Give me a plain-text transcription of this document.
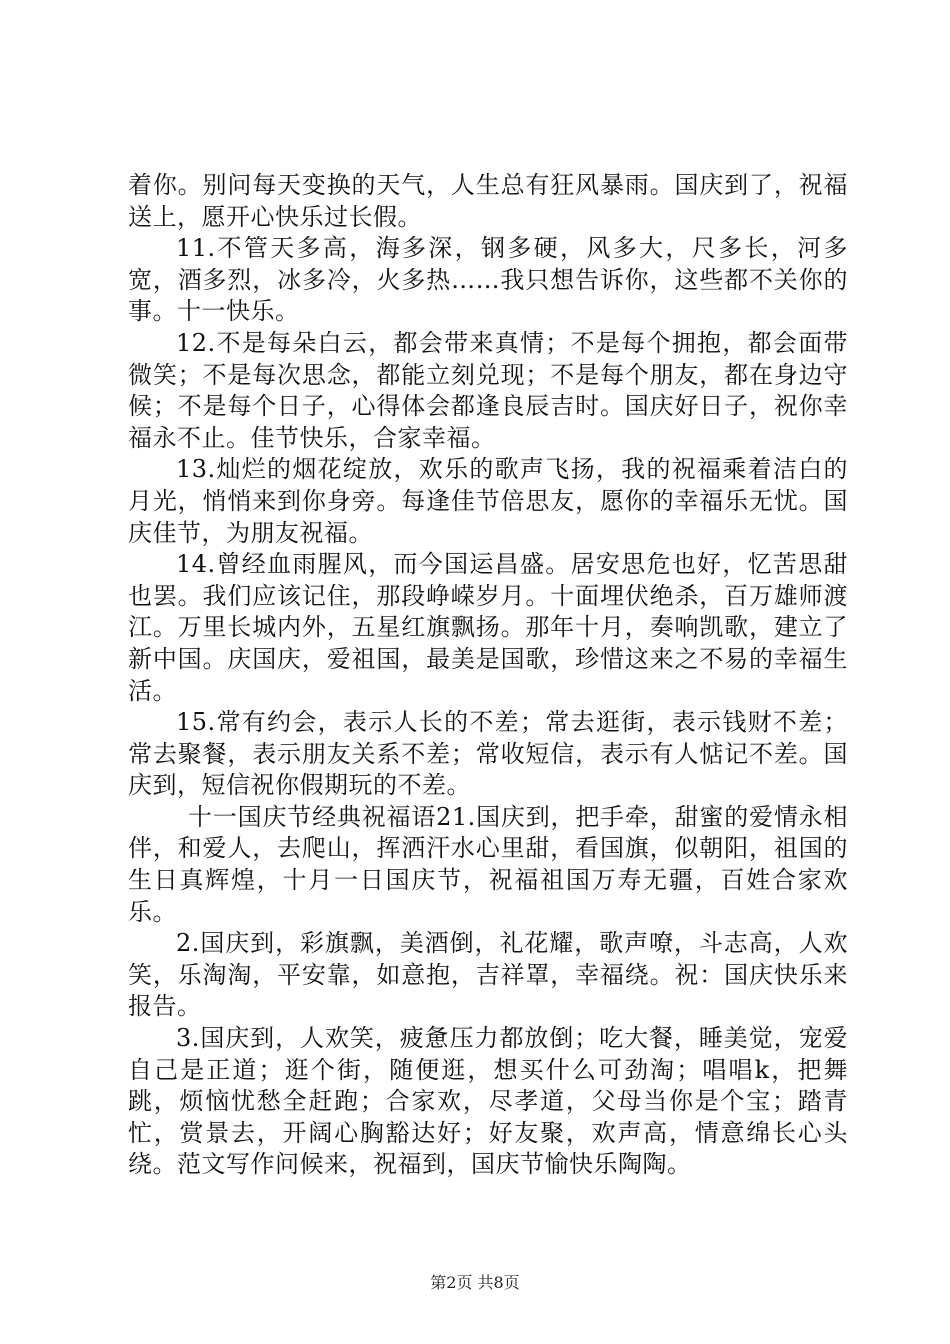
着你。别问每天变换的天气，人生总有狂风暴雨。国庆到了，祝福送上，愿开心快乐过长假。

11.不管天多高，海多深，钢多硬，风多大，尺多长，河多宽，酒多烈，冰多冷，火多热……我只想告诉你，这些都不关你的事。十一快乐。

12.不是每朵白云，都会带来真情；不是每个拥抱，都会面带微笑；不是每次思念，都能立刻兑现；不是每个朋友，都在身边守候；不是每个日子，心得体会都逢良辰吉时。国庆好日子，祝你幸福永不止。佳节快乐，合家幸福。

13.灿烂的烟花绽放，欢乐的歌声飞扬，我的祝福乘着洁白的月光，悄悄来到你身旁。每逢佳节倍思友，愿你的幸福乐无忧。国庆佳节，为朋友祝福。

14.曾经血雨腥风，而今国运昌盛。居安思危也好，忆苦思甜也罢。我们应该记住，那段峥嵘岁月。十面埋伏绝杀，百万雄师渡江。万里长城内外，五星红旗飘扬。那年十月，奏响凯歌，建立了新中国。庆国庆，爱祖国，最美是国歌，珍惜这来之不易的幸福生活。

15.常有约会，表示人长的不差；常去逛街，表示钱财不差；常去聚餐，表示朋友关系不差；常收短信，表示有人惦记不差。国庆到，短信祝你假期玩的不差。

十一国庆节经典祝福语21.国庆到，把手牵，甜蜜的爱情永相伴，和爱人，去爬山，挥洒汗水心里甜，看国旗，似朝阳，祖国的生日真辉煌，十月一日国庆节，祝福祖国万寿无疆，百姓合家欢乐。

2.国庆到，彩旗飘，美酒倒，礼花耀，歌声嘹，斗志高，人欢笑，乐淘淘，平安靠，如意抱，吉祥罩，幸福绕。祝：国庆快乐来报告。

3.国庆到，人欢笑，疲惫压力都放倒；吃大餐，睡美觉，宠爱自己是正道；逛个街，随便逛，想买什么可劲淘；唱唱k，把舞跳，烦恼忧愁全赶跑；合家欢，尽孝道，父母当你是个宝；踏青忙，赏景去，开阔心胸豁达好；好友聚，欢声高，情意绵长心头绕。范文写作问候来，祝福到，国庆节愉快乐陶陶。

第2页 共8页
